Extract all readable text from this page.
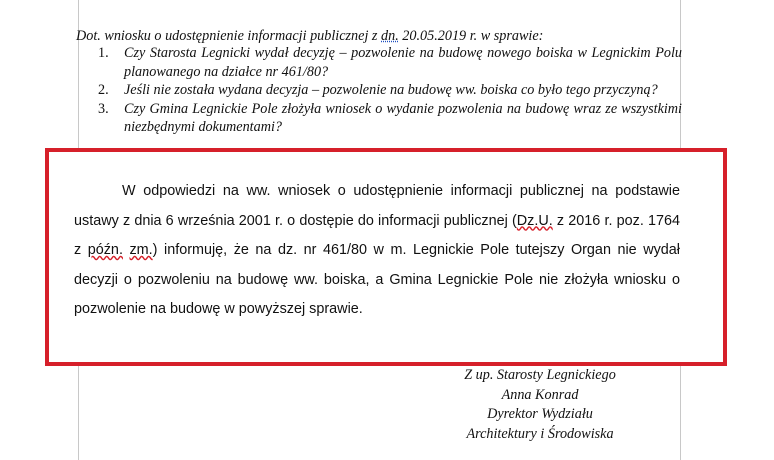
Dot. wniosku o udostępnienie informacji publicznej z dn. 20.05.2019 r. w sprawie:
1. Czy Starosta Legnicki wydał decyzję – pozwolenie na budowę nowego boiska w Legnickim Polu planowanego na działce nr 461/80?
2. Jeśli nie została wydana decyzja – pozwolenie na budowę ww. boiska co było tego przyczyną?
3. Czy Gmina Legnickie Pole złożyła wniosek o wydanie pozwolenia na budowę wraz ze wszystkimi niezbędnymi dokumentami?
W odpowiedzi na ww. wniosek o udostępnienie informacji publicznej na podstawie ustawy z dnia 6 września 2001 r. o dostępie do informacji publicznej (Dz.U. z 2016 r. poz. 1764 z późn. zm.) informuję, że na dz. nr 461/80 w m. Legnickie Pole tutejszy Organ nie wydał decyzji o pozwoleniu na budowę ww. boiska, a Gmina Legnickie Pole nie złożyła wniosku o pozwolenie na budowę w powyższej sprawie.
Z up. Starosty Legnickiego
Anna Konrad
Dyrektor Wydziału
Architektury i Środowiska
